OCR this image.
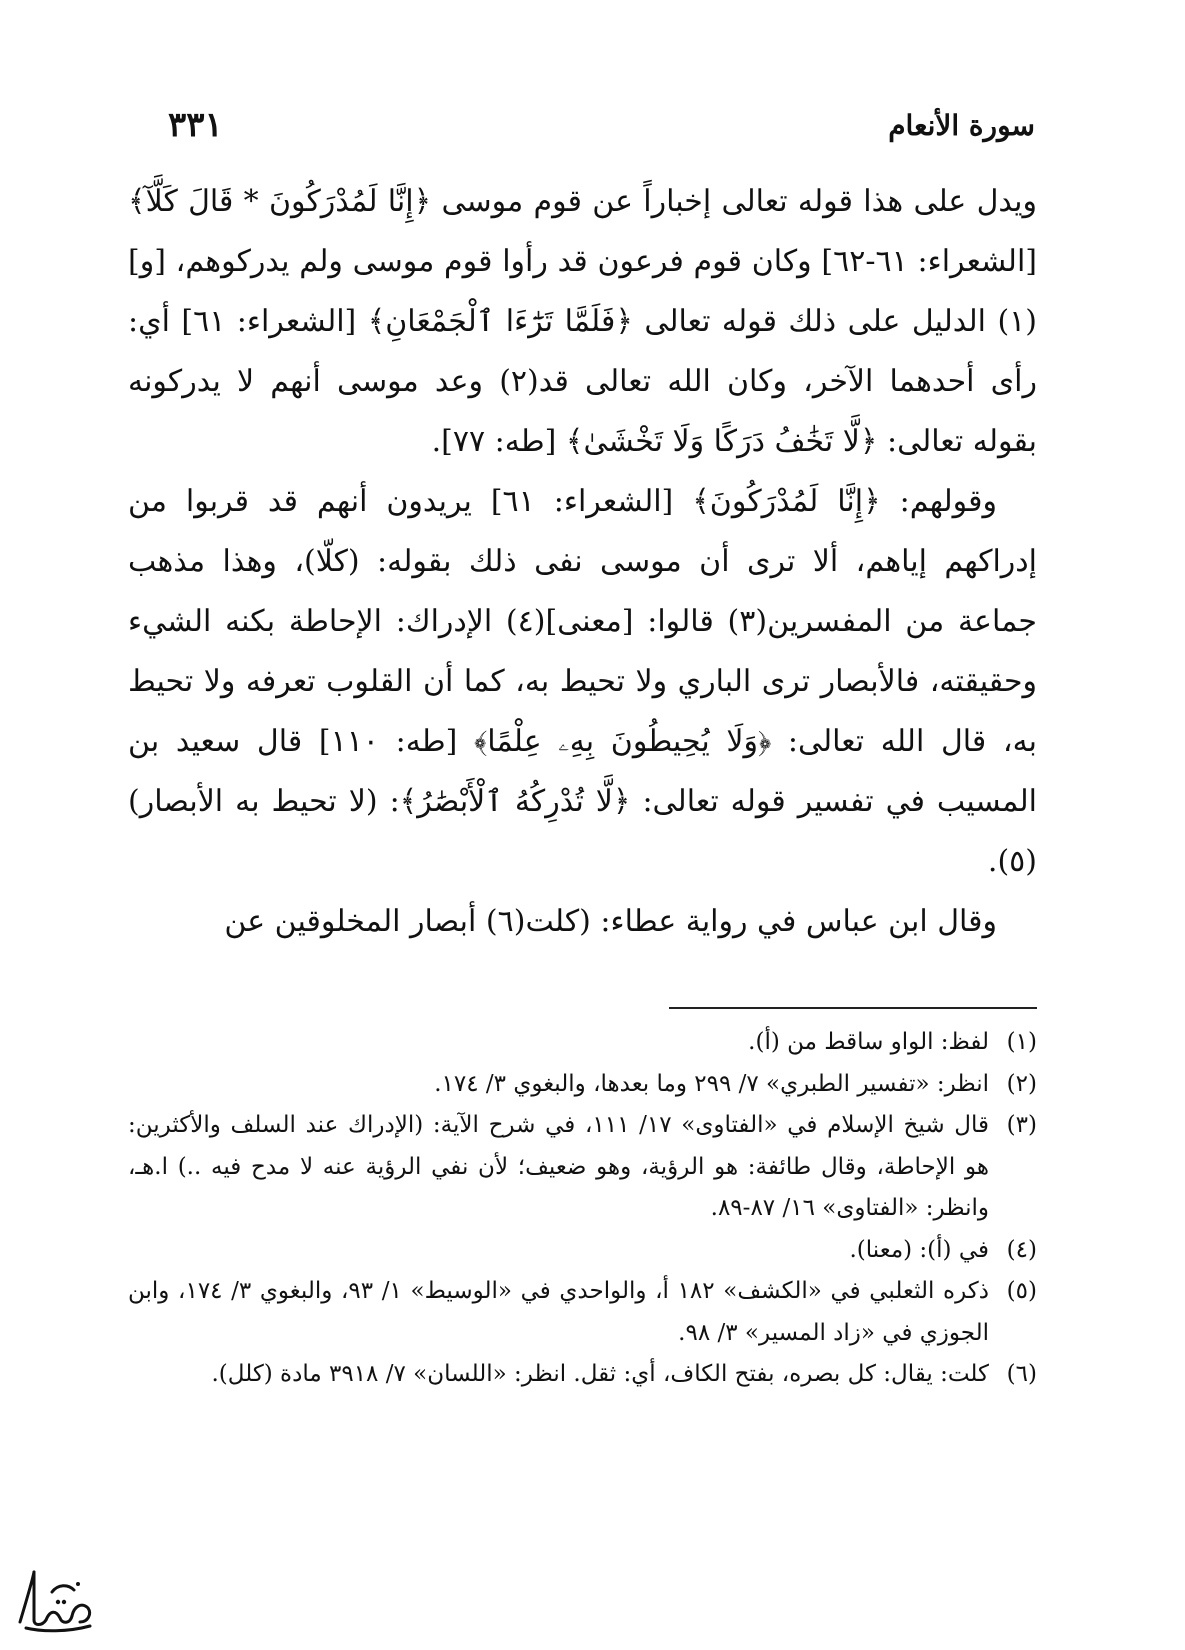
سورة الأنعام
٣٣١

ويدل على هذا قوله تعالى إخباراً عن قوم موسى ﴿إِنَّا لَمُدْرَكُونَ * قَالَ كَلَّآ﴾ [الشعراء: ٦١-٦٢] وكان قوم فرعون قد رأوا قوم موسى ولم يدركوهم، [و](١) الدليل على ذلك قوله تعالى ﴿فَلَمَّا تَرَٰٓءَا ٱلْجَمْعَانِ﴾ [الشعراء: ٦١] أي: رأى أحدهما الآخر، وكان الله تعالى قد(٢) وعد موسى أنهم لا يدركونه بقوله تعالى: ﴿لَّا تَخَٰفُ دَرَكًا وَلَا تَخْشَىٰ﴾ [طه: ٧٧].

وقولهم: ﴿إِنَّا لَمُدْرَكُونَ﴾ [الشعراء: ٦١] يريدون أنهم قد قربوا من إدراكهم إياهم، ألا ترى أن موسى نفى ذلك بقوله: (كلّا)، وهذا مذهب جماعة من المفسرين(٣) قالوا: [معنى](٤) الإدراك: الإحاطة بكنه الشيء وحقيقته، فالأبصار ترى الباري ولا تحيط به، كما أن القلوب تعرفه ولا تحيط به، قال الله تعالى: ﴿وَلَا يُحِيطُونَ بِهِۦ عِلْمًا﴾ [طه: ١١٠] قال سعيد بن المسيب في تفسير قوله تعالى: ﴿لَّا تُدْرِكُهُ ٱلْأَبْصَٰرُ﴾: (لا تحيط به الأبصار)(٥).

وقال ابن عباس في رواية عطاء: (كلت(٦) أبصار المخلوقين عن

(١)
لفظ: الواو ساقط من (أ).
(٢)
انظر: «تفسير الطبري» ٧/ ٢٩٩ وما بعدها، والبغوي ٣/ ١٧٤.
(٣)
قال شيخ الإسلام في «الفتاوى» ١٧/ ١١١، في شرح الآية: (الإدراك عند السلف والأكثرين: هو الإحاطة، وقال طائفة: هو الرؤية، وهو ضعيف؛ لأن نفي الرؤية عنه لا مدح فيه ..) ا.هـ، وانظر: «الفتاوى» ١٦/ ٨٧-٨٩.
(٤)
في (أ): (معنا).
(٥)
ذكره الثعلبي في «الكشف» ١٨٢ أ، والواحدي في «الوسيط» ١/ ٩٣، والبغوي ٣/ ١٧٤، وابن الجوزي في «زاد المسير» ٣/ ٩٨.
(٦)
كلت: يقال: كل بصره، بفتح الكاف، أي: ثقل. انظر: «اللسان» ٧/ ٣٩١٨ مادة (كلل).
